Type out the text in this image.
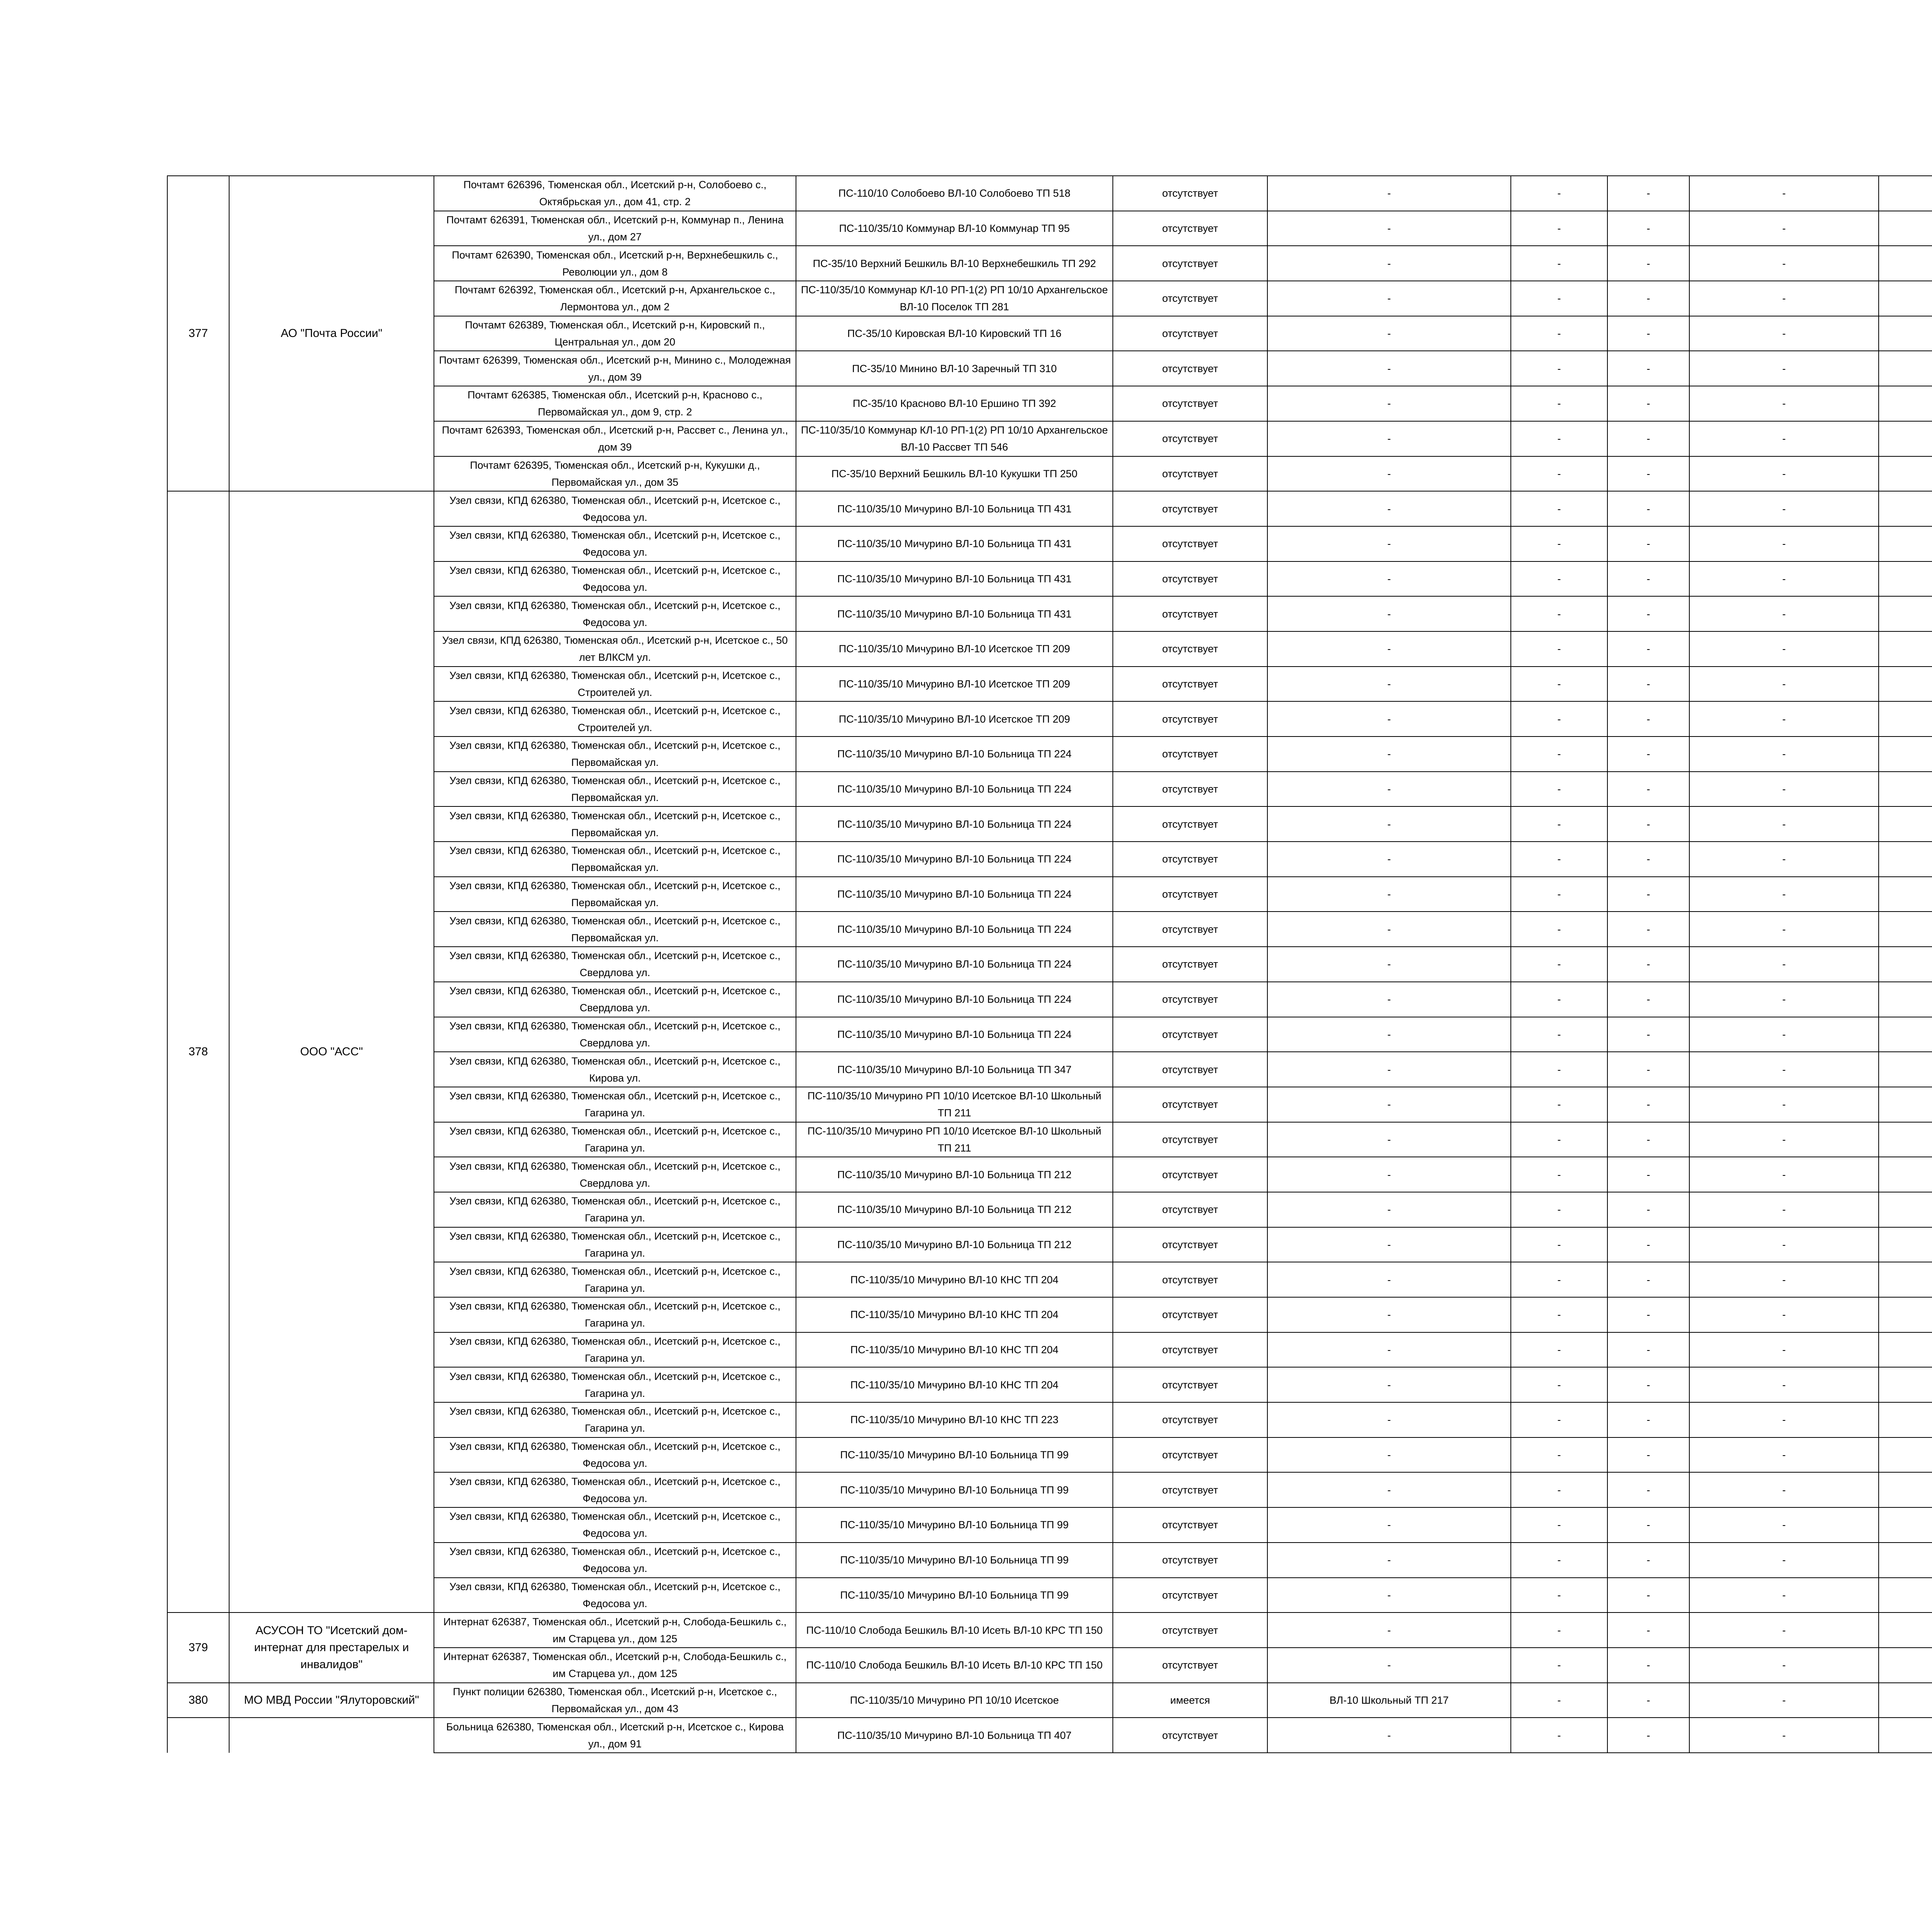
377	АО "Почта России"	Почтамт 626396, Тюменская обл., Исетский р-н, Солобоево с., Октябрьская ул., дом 41, стр. 2	ПС-110/10 Солобоево ВЛ-10 Солобоево ТП 518	отсутствует	-	-	-	-		
		Почтамт 626391, Тюменская обл., Исетский р-н, Коммунар п., Ленина ул., дом 27	ПС-110/35/10 Коммунар ВЛ-10 Коммунар ТП 95	отсутствует	-	-	-	-		
		Почтамт 626390, Тюменская обл., Исетский р-н, Верхнебешкиль с., Революции ул., дом 8	ПС-35/10 Верхний Бешкиль ВЛ-10 Верхнебешкиль ТП 292	отсутствует	-	-	-	-		
		Почтамт 626392, Тюменская обл., Исетский р-н, Архангельское с., Лермонтова ул., дом 2	ПС-110/35/10 Коммунар КЛ-10 РП-1(2) РП 10/10 Архангельское ВЛ-10 Поселок ТП 281	отсутствует	-	-	-	-		
		Почтамт 626389, Тюменская обл., Исетский р-н, Кировский п., Центральная ул., дом 20	ПС-35/10 Кировская ВЛ-10 Кировский ТП 16	отсутствует	-	-	-	-		
		Почтамт 626399, Тюменская обл., Исетский р-н, Минино с., Молодежная ул., дом 39	ПС-35/10 Минино ВЛ-10 Заречный ТП 310	отсутствует	-	-	-	-		
		Почтамт 626385, Тюменская обл., Исетский р-н, Красново с., Первомайская ул., дом 9, стр. 2	ПС-35/10 Красново ВЛ-10 Ершино ТП 392	отсутствует	-	-	-	-		
		Почтамт 626393, Тюменская обл., Исетский р-н, Рассвет с., Ленина ул., дом 39	ПС-110/35/10 Коммунар КЛ-10 РП-1(2) РП 10/10 Архангельское ВЛ-10 Рассвет ТП 546	отсутствует	-	-	-	-		
		Почтамт 626395, Тюменская обл., Исетский р-н, Кукушки д., Первомайская ул., дом 35	ПС-35/10 Верхний Бешкиль ВЛ-10 Кукушки ТП 250	отсутствует	-	-	-	-		
378	ООО "АСС"	Узел связи, КПД 626380, Тюменская обл., Исетский р-н, Исетское с., Федосова ул.	ПС-110/35/10 Мичурино ВЛ-10 Больница ТП 431	отсутствует	-	-	-	-		
		Узел связи, КПД 626380, Тюменская обл., Исетский р-н, Исетское с., Федосова ул.	ПС-110/35/10 Мичурино ВЛ-10 Больница ТП 431	отсутствует	-	-	-	-		
		Узел связи, КПД 626380, Тюменская обл., Исетский р-н, Исетское с., Федосова ул.	ПС-110/35/10 Мичурино ВЛ-10 Больница ТП 431	отсутствует	-	-	-	-		
		Узел связи, КПД 626380, Тюменская обл., Исетский р-н, Исетское с., Федосова ул.	ПС-110/35/10 Мичурино ВЛ-10 Больница ТП 431	отсутствует	-	-	-	-		
		Узел связи, КПД 626380, Тюменская обл., Исетский р-н, Исетское с., 50 лет ВЛКСМ ул.	ПС-110/35/10 Мичурино ВЛ-10 Исетское ТП 209	отсутствует	-	-	-	-		
		Узел связи, КПД 626380, Тюменская обл., Исетский р-н, Исетское с., Строителей ул.	ПС-110/35/10 Мичурино ВЛ-10 Исетское ТП 209	отсутствует	-	-	-	-		
		Узел связи, КПД 626380, Тюменская обл., Исетский р-н, Исетское с., Строителей ул.	ПС-110/35/10 Мичурино ВЛ-10 Исетское ТП 209	отсутствует	-	-	-	-		
		Узел связи, КПД 626380, Тюменская обл., Исетский р-н, Исетское с., Первомайская ул.	ПС-110/35/10 Мичурино ВЛ-10 Больница ТП 224	отсутствует	-	-	-	-		
		Узел связи, КПД 626380, Тюменская обл., Исетский р-н, Исетское с., Первомайская ул.	ПС-110/35/10 Мичурино ВЛ-10 Больница ТП 224	отсутствует	-	-	-	-		
		Узел связи, КПД 626380, Тюменская обл., Исетский р-н, Исетское с., Первомайская ул.	ПС-110/35/10 Мичурино ВЛ-10 Больница ТП 224	отсутствует	-	-	-	-		
		Узел связи, КПД 626380, Тюменская обл., Исетский р-н, Исетское с., Первомайская ул.	ПС-110/35/10 Мичурино ВЛ-10 Больница ТП 224	отсутствует	-	-	-	-		
		Узел связи, КПД 626380, Тюменская обл., Исетский р-н, Исетское с., Первомайская ул.	ПС-110/35/10 Мичурино ВЛ-10 Больница ТП 224	отсутствует	-	-	-	-		
		Узел связи, КПД 626380, Тюменская обл., Исетский р-н, Исетское с., Первомайская ул.	ПС-110/35/10 Мичурино ВЛ-10 Больница ТП 224	отсутствует	-	-	-	-		
		Узел связи, КПД 626380, Тюменская обл., Исетский р-н, Исетское с., Свердлова ул.	ПС-110/35/10 Мичурино ВЛ-10 Больница ТП 224	отсутствует	-	-	-	-		
		Узел связи, КПД 626380, Тюменская обл., Исетский р-н, Исетское с., Свердлова ул.	ПС-110/35/10 Мичурино ВЛ-10 Больница ТП 224	отсутствует	-	-	-	-		
		Узел связи, КПД 626380, Тюменская обл., Исетский р-н, Исетское с., Свердлова ул.	ПС-110/35/10 Мичурино ВЛ-10 Больница ТП 224	отсутствует	-	-	-	-		
		Узел связи, КПД 626380, Тюменская обл., Исетский р-н, Исетское с., Кирова ул.	ПС-110/35/10 Мичурино ВЛ-10 Больница ТП 347	отсутствует	-	-	-	-		
		Узел связи, КПД 626380, Тюменская обл., Исетский р-н, Исетское с., Гагарина ул.	ПС-110/35/10 Мичурино РП 10/10 Исетское ВЛ-10 Школьный ТП 211	отсутствует	-	-	-	-		
		Узел связи, КПД 626380, Тюменская обл., Исетский р-н, Исетское с., Гагарина ул.	ПС-110/35/10 Мичурино РП 10/10 Исетское ВЛ-10 Школьный ТП 211	отсутствует	-	-	-	-		
		Узел связи, КПД 626380, Тюменская обл., Исетский р-н, Исетское с., Свердлова ул.	ПС-110/35/10 Мичурино ВЛ-10 Больница ТП 212	отсутствует	-	-	-	-		
		Узел связи, КПД 626380, Тюменская обл., Исетский р-н, Исетское с., Гагарина ул.	ПС-110/35/10 Мичурино ВЛ-10 Больница ТП 212	отсутствует	-	-	-	-		
		Узел связи, КПД 626380, Тюменская обл., Исетский р-н, Исетское с., Гагарина ул.	ПС-110/35/10 Мичурино ВЛ-10 Больница ТП 212	отсутствует	-	-	-	-		
		Узел связи, КПД 626380, Тюменская обл., Исетский р-н, Исетское с., Гагарина ул.	ПС-110/35/10 Мичурино ВЛ-10 КНС ТП 204	отсутствует	-	-	-	-		
		Узел связи, КПД 626380, Тюменская обл., Исетский р-н, Исетское с., Гагарина ул.	ПС-110/35/10 Мичурино ВЛ-10 КНС ТП 204	отсутствует	-	-	-	-		
		Узел связи, КПД 626380, Тюменская обл., Исетский р-н, Исетское с., Гагарина ул.	ПС-110/35/10 Мичурино ВЛ-10 КНС ТП 204	отсутствует	-	-	-	-		
		Узел связи, КПД 626380, Тюменская обл., Исетский р-н, Исетское с., Гагарина ул.	ПС-110/35/10 Мичурино ВЛ-10 КНС ТП 204	отсутствует	-	-	-	-		
		Узел связи, КПД 626380, Тюменская обл., Исетский р-н, Исетское с., Гагарина ул.	ПС-110/35/10 Мичурино ВЛ-10 КНС ТП 223	отсутствует	-	-	-	-		
		Узел связи, КПД 626380, Тюменская обл., Исетский р-н, Исетское с., Федосова ул.	ПС-110/35/10 Мичурино ВЛ-10 Больница ТП 99	отсутствует	-	-	-	-		
		Узел связи, КПД 626380, Тюменская обл., Исетский р-н, Исетское с., Федосова ул.	ПС-110/35/10 Мичурино ВЛ-10 Больница ТП 99	отсутствует	-	-	-	-		
		Узел связи, КПД 626380, Тюменская обл., Исетский р-н, Исетское с., Федосова ул.	ПС-110/35/10 Мичурино ВЛ-10 Больница ТП 99	отсутствует	-	-	-	-		
		Узел связи, КПД 626380, Тюменская обл., Исетский р-н, Исетское с., Федосова ул.	ПС-110/35/10 Мичурино ВЛ-10 Больница ТП 99	отсутствует	-	-	-	-		
		Узел связи, КПД 626380, Тюменская обл., Исетский р-н, Исетское с., Федосова ул.	ПС-110/35/10 Мичурино ВЛ-10 Больница ТП 99	отсутствует	-	-	-	-		
379	АСУСОН ТО "Исетский дом-интернат для престарелых и инвалидов"	Интернат 626387, Тюменская обл., Исетский р-н, Слобода-Бешкиль с., им Старцева ул., дом 125	ПС-110/10 Слобода Бешкиль ВЛ-10 Исеть ВЛ-10 КРС ТП 150	отсутствует	-	-	-	-		
		Интернат 626387, Тюменская обл., Исетский р-н, Слобода-Бешкиль с., им Старцева ул., дом 125	ПС-110/10 Слобода Бешкиль ВЛ-10 Исеть ВЛ-10 КРС ТП 150	отсутствует	-	-	-	-		
380	МО МВД России "Ялуторовский"	Пункт полиции 626380, Тюменская обл., Исетский р-н, Исетское с., Первомайская ул., дом 43	ПС-110/35/10 Мичурино РП 10/10 Исетское	имеется	ВЛ-10 Школьный ТП 217	-	-	-		
		Больница 626380, Тюменская обл., Исетский р-н, Исетское с., Кирова ул., дом 91	ПС-110/35/10 Мичурино ВЛ-10 Больница ТП 407	отсутствует	-	-	-	-		
